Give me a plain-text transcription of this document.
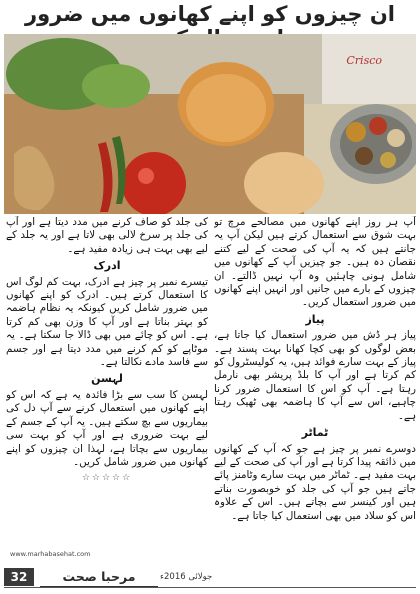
ان چیزوں کو اپنے کھانوں میں ضرور
Crisco

آپ ہر روز اپنے کھانوں میں مصالحے مرچ تو بہت شوق سے استعمال کرتے ہیں لیکن آپ یہ جانتے ہیں کہ یہ آپ کی صحت کے لیے کتنے نقصان دہ ہیں۔ جو چیزیں آپ کے کھانوں میں شامل ہونی چاہئیں وہ آپ نہیں ڈالتے۔ ان چیزوں کے بارے میں جانیں اور انہیں اپنے کھانوں میں ضرور استعمال کریں۔

پیاز

پیاز ہر ڈش میں ضرور استعمال کیا جاتا ہے، بعض لوگوں کو بھی کچا کھانا بہت پسند ہے۔ پیاز کے بہت سارے فوائد ہیں، یہ کولیسٹرول کو کم کرتا ہے اور آپ کا بلڈ پریشر بھی نارمل رہتا ہے۔ آپ کو اس کا استعمال ضرور کرنا چاہیے، اس سے آپ کا ہاضمہ بھی ٹھیک رہتا ہے۔

ٹماٹر

دوسرے نمبر پر چیز ہے جو کہ آپ کے کھانوں میں ذائقہ پیدا کرتا ہے اور آپ کی صحت کے لیے بہت مفید ہے۔ ٹماٹر میں بہت سارے وٹامنز پائے جاتے ہیں جو آپ کی جلد کو خوبصورت بناتے ہیں اور کینسر سے بچاتے ہیں۔ اس کے علاوہ اس کو سلاد میں بھی استعمال کیا جاتا ہے۔

کی جلد کو صاف کرنے میں مدد دیتا ہے اور آپ کی جلد پر سرخ لالی بھی لاتا ہے اور یہ جلد کے لیے بھی بہت ہی زیادہ مفید ہے۔

ادرک

تیسرے نمبر پر چیز ہے ادرک، بہت کم لوگ اس کا استعمال کرتے ہیں۔ ادرک کو اپنے کھانوں میں ضرور شامل کریں کیونکہ یہ نظام ہاضمہ کو بہتر بناتا ہے اور آپ کا وزن بھی کم کرتا ہے۔ اس کو چائے میں بھی ڈالا جا سکتا ہے۔ یہ موٹاپے کو کم کرنے میں مدد دیتا ہے اور جسم سے فاسد مادے نکالتا ہے۔

لہسن

لہسن کا سب سے بڑا فائدہ یہ ہے کہ اس کو اپنے کھانوں میں استعمال کرنے سے آپ دل کی بیماریوں سے بچ سکتے ہیں۔ یہ آپ کے جسم کے لیے بہت ضروری ہے اور آپ کو بہت سی بیماریوں سے بچاتا ہے، لہذا ان چیزوں کو اپنے کھانوں میں ضرور شامل کریں۔

☆☆☆☆☆
www.marhabasehat.com
32	مرحبا صحت	جولائی 2016ء
